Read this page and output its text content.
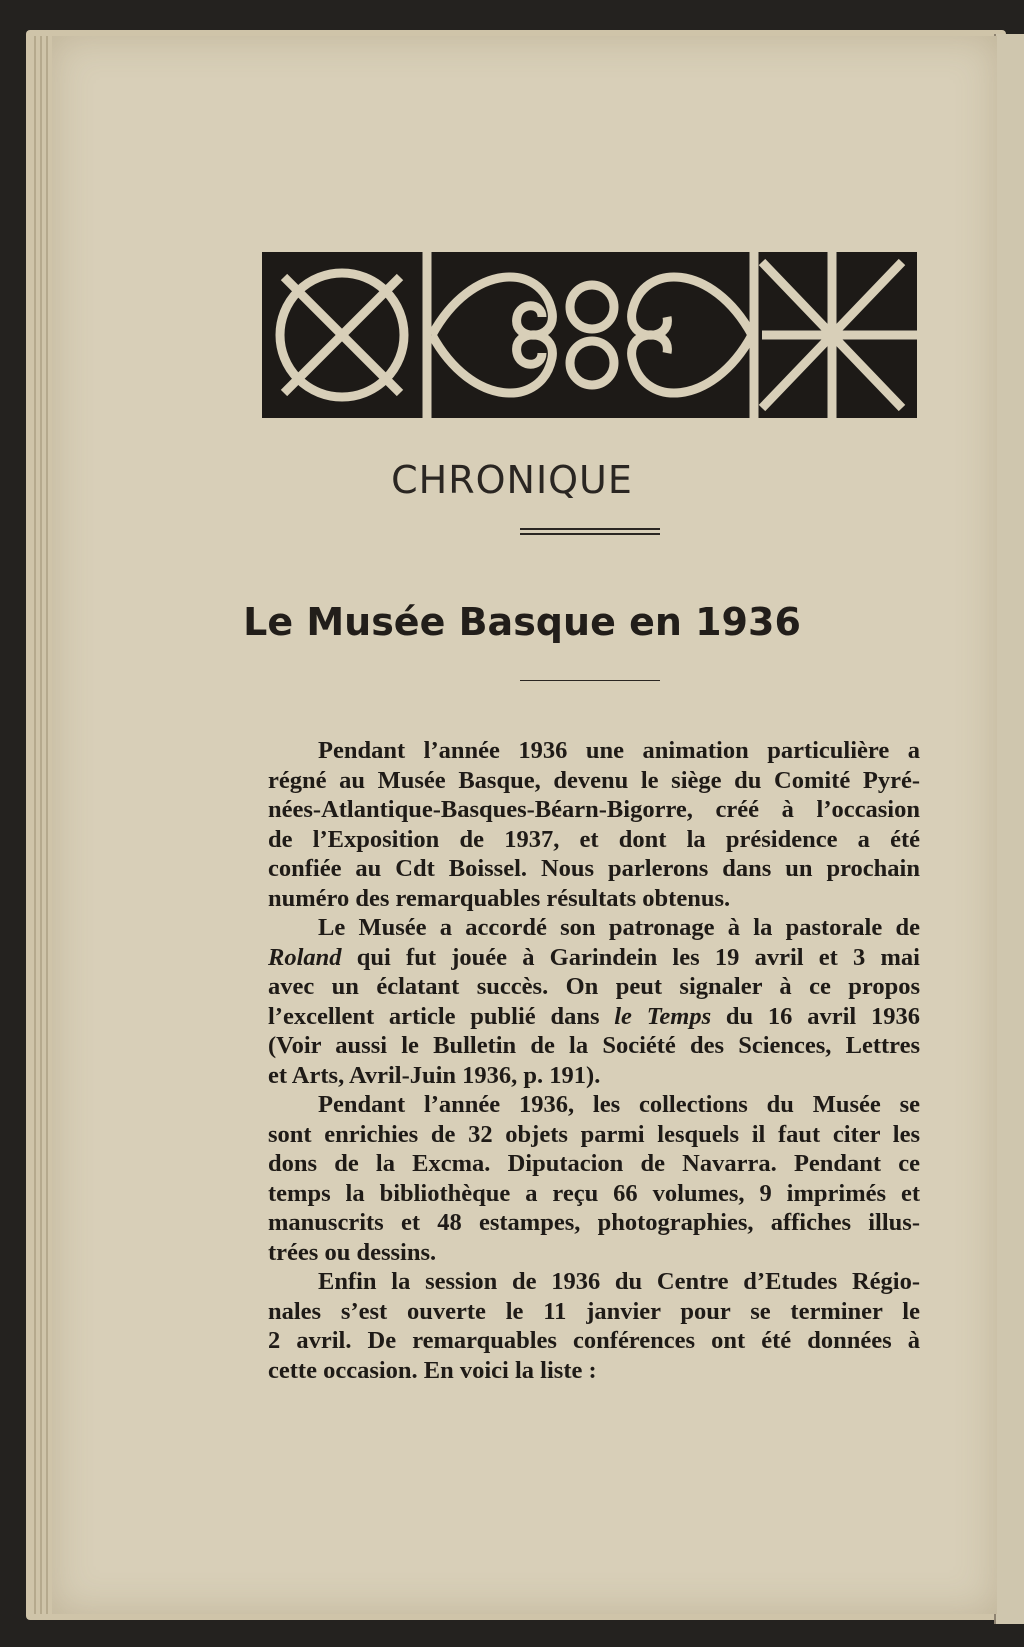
CHRONIQUE
Le Musée Basque en 1936
Pendant l’année 1936 une animation particulière a
régné au Musée Basque, devenu le siège du Comité Pyré-
nées-Atlantique-Basques-Béarn-Bigorre, créé à l’occasion
de l’Exposition de 1937, et dont la présidence a été
confiée au Cdt Boissel. Nous parlerons dans un prochain
numéro des remarquables résultats obtenus.
Le Musée a accordé son patronage à la pastorale de
Roland qui fut jouée à Garindein les 19 avril et 3 mai
avec un éclatant succès. On peut signaler à ce propos
l’excellent article publié dans le Temps du 16 avril 1936
(Voir aussi le Bulletin de la Société des Sciences, Lettres
et Arts, Avril-Juin 1936, p. 191).
Pendant l’année 1936, les collections du Musée se
sont enrichies de 32 objets parmi lesquels il faut citer les
dons de la Excma. Diputacion de Navarra. Pendant ce
temps la bibliothèque a reçu 66 volumes, 9 imprimés et
manuscrits et 48 estampes, photographies, affiches illus-
trées ou dessins.
Enfin la session de 1936 du Centre d’Etudes Régio-
nales s’est ouverte le 11 janvier pour se terminer le
2 avril. De remarquables conférences ont été données à
cette occasion. En voici la liste :
